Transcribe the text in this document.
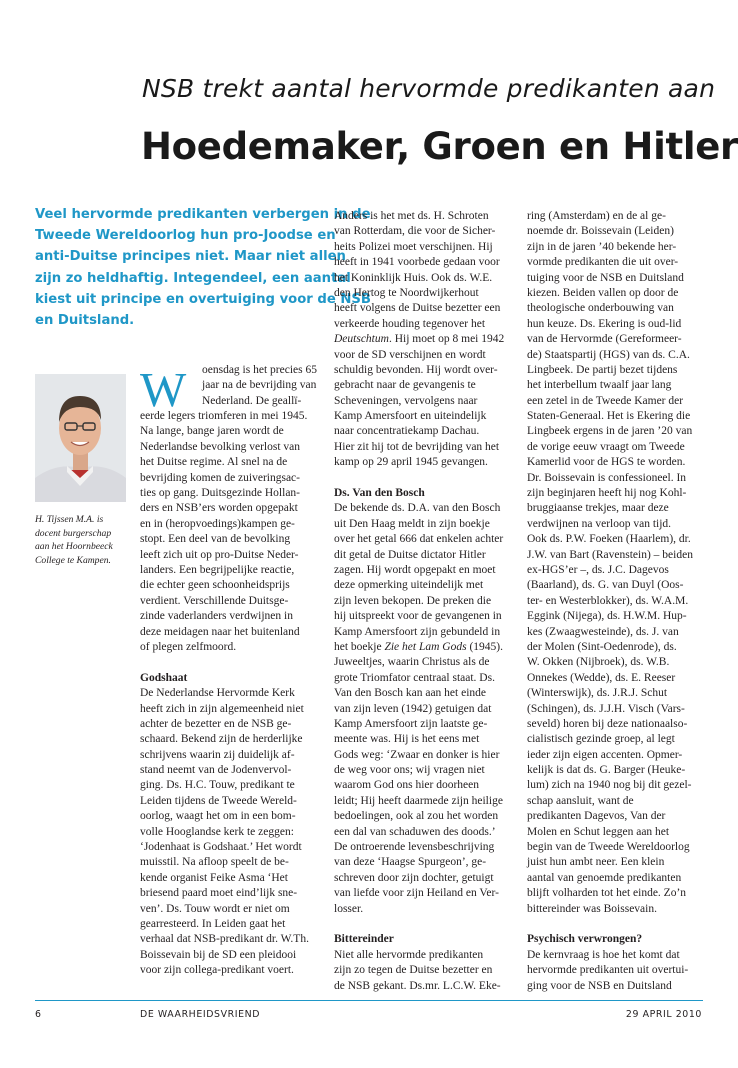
NSB trekt aantal hervormde predikanten aan
Hoedemaker, Groen en Hitler
Veel hervormde predikanten verbergen in de
Tweede Wereldoorlog hun pro-Joodse en
anti-Duitse principes niet. Maar niet allen
zijn zo heldhaftig. Integendeel, een aantal
kiest uit principe en overtuiging voor de NSB
en Duitsland.
H. Tijssen M.A. is
docent burgerschap
aan het Hoornbeeck
College te Kampen.
W	oensdag is het precies 65
jaar na de bevrijding van
Nederland. De geallï-
eerde legers triomferen in mei 1945.
Na lange, bange jaren wordt de
Nederlandse bevolking verlost van
het Duitse regime. Al snel na de
bevrijding komen de zuiveringsac-
ties op gang. Duitsgezinde Hollan-
ders en NSB’ers worden opgepakt
en in (heropvoedings)kampen ge-
stopt. Een deel van de bevolking
leeft zich uit op pro-Duitse Neder-
landers. Een begrijpelijke reactie,
die echter geen schoonheidsprijs
verdient. Verschillende Duitsge-
zinde vaderlanders verdwijnen in
deze meidagen naar het buitenland
of plegen zelfmoord.
Godshaat
De Nederlandse Hervormde Kerk
heeft zich in zijn algemeenheid niet
achter de bezetter en de NSB ge-
schaard. Bekend zijn de herderlijke
schrijvens waarin zij duidelijk af-
stand neemt van de Jodenvervol-
ging. Ds. H.C. Touw, predikant te
Leiden tijdens de Tweede Wereld-
oorlog, waagt het om in een bom-
volle Hooglandse kerk te zeggen:
‘Jodenhaat is Godshaat.’ Het wordt
muisstil. Na afloop speelt de be-
kende organist Feike Asma ‘Het
briesend paard moet eind’lijk sne-
ven’. Ds. Touw wordt er niet om
gearresteerd. In Leiden gaat het
verhaal dat NSB-predikant dr. W.Th.
Boissevain bij de SD een pleidooi
voor zijn collega-predikant voert.
Anders is het met ds. H. Schroten
van Rotterdam, die voor de Sicher-
heits Polizei moet verschijnen. Hij
heeft in 1941 voorbede gedaan voor
het Koninklijk Huis. Ook ds. W.E.
den Hertog te Noordwijkerhout
heeft volgens de Duitse bezetter een
verkeerde houding tegenover het
Deutschtum. Hij moet op 8 mei 1942
voor de SD verschijnen en wordt
schuldig bevonden. Hij wordt over-
gebracht naar de gevangenis te
Scheveningen, vervolgens naar
Kamp Amersfoort en uiteindelijk
naar concentratiekamp Dachau.
Hier zit hij tot de bevrijding van het
kamp op 29 april 1945 gevangen.
Ds. Van den Bosch
De bekende ds. D.A. van den Bosch
uit Den Haag meldt in zijn boekje
over het getal 666 dat enkelen achter
dit getal de Duitse dictator Hitler
zagen. Hij wordt opgepakt en moet
deze opmerking uiteindelijk met
zijn leven bekopen. De preken die
hij uitspreekt voor de gevangenen in
Kamp Amersfoort zijn gebundeld in
het boekje Zie het Lam Gods (1945).
Juweeltjes, waarin Christus als de
grote Triomfator centraal staat. Ds.
Van den Bosch kan aan het einde
van zijn leven (1942) getuigen dat
Kamp Amersfoort zijn laatste ge-
meente was. Hij is het eens met
Gods weg: ‘Zwaar en donker is hier
de weg voor ons; wij vragen niet
waarom God ons hier doorheen
leidt; Hij heeft daarmede zijn heilige
bedoelingen, ook al zou het worden
een dal van schaduwen des doods.’
De ontroerende levensbeschrijving
van deze ‘Haagse Spurgeon’, ge-
schreven door zijn dochter, getuigt
van liefde voor zijn Heiland en Ver-
losser.
Bittereinder
Niet alle hervormde predikanten
zijn zo tegen de Duitse bezetter en
de NSB gekant. Ds.mr. L.C.W. Eke-
ring (Amsterdam) en de al ge-
noemde dr. Boissevain (Leiden)
zijn in de jaren ’40 bekende her-
vormde predikanten die uit over-
tuiging voor de NSB en Duitsland
kiezen. Beiden vallen op door de
theologische onderbouwing van
hun keuze. Ds. Ekering is oud-lid
van de Hervormde (Gereformeer-
de) Staatspartij (HGS) van ds. C.A.
Lingbeek. De partij bezet tijdens
het interbellum twaalf jaar lang
een zetel in de Tweede Kamer der
Staten-Generaal. Het is Ekering die
Lingbeek ergens in de jaren ’20 van
de vorige eeuw vraagt om Tweede
Kamerlid voor de HGS te worden.
Dr. Boissevain is confessioneel. In
zijn beginjaren heeft hij nog Kohl-
bruggiaanse trekjes, maar deze
verdwijnen na verloop van tijd.
Ook ds. P.W. Foeken (Haarlem), dr.
J.W. van Bart (Ravenstein) – beiden
ex-HGS’er –, ds. J.C. Dagevos
(Baarland), ds. G. van Duyl (Oos-
ter- en Westerblokker), ds. W.A.M.
Eggink (Nijega), ds. H.W.M. Hup-
kes (Zwaagwesteinde), ds. J. van
der Molen (Sint-Oedenrode), ds.
W. Okken (Nijbroek), ds. W.B.
Onnekes (Wedde), ds. E. Reeser
(Winterswijk), ds. J.R.J. Schut
(Schingen), ds. J.J.H. Visch (Vars-
seveld) horen bij deze nationaalso-
cialistisch gezinde groep, al legt
ieder zijn eigen accenten. Opmer-
kelijk is dat ds. G. Barger (Heuke-
lum) zich na 1940 nog bij dit gezel-
schap aansluit, want de
predikanten Dagevos, Van der
Molen en Schut leggen aan het
begin van de Tweede Wereldoorlog
juist hun ambt neer. Een klein
aantal van genoemde predikanten
blijft volharden tot het einde. Zo’n
bittereinder was Boissevain.
Psychisch verwrongen?
De kernvraag is hoe het komt dat
hervormde predikanten uit overtui-
ging voor de NSB en Duitsland
6	DE WAARHEIDSVRIEND	29 APRIL 2010
